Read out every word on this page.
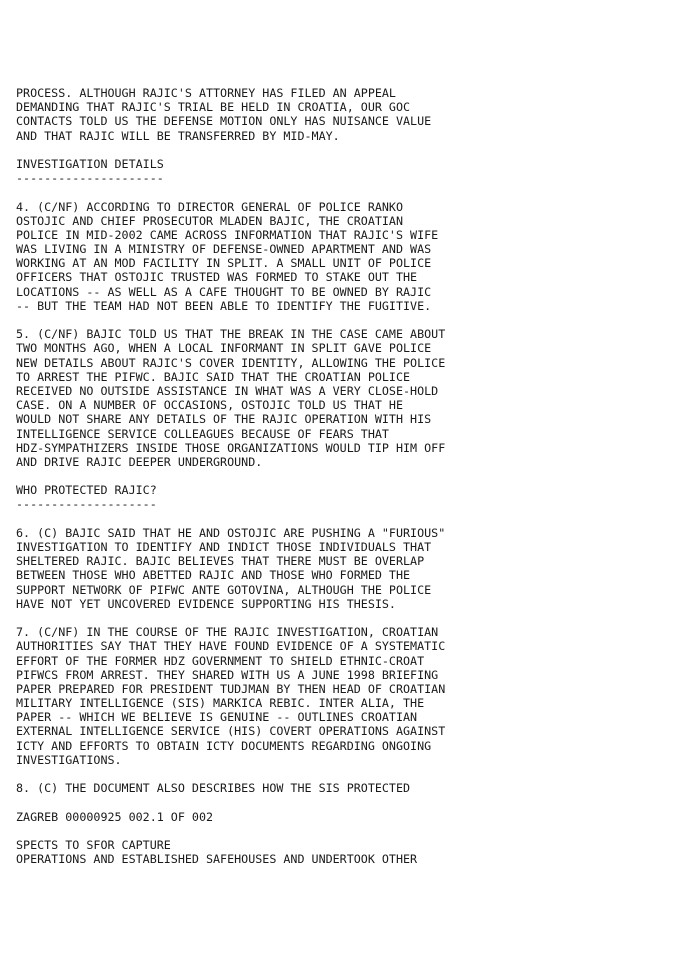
PROCESS. ALTHOUGH RAJIC'S ATTORNEY HAS FILED AN APPEAL
DEMANDING THAT RAJIC'S TRIAL BE HELD IN CROATIA, OUR GOC
CONTACTS TOLD US THE DEFENSE MOTION ONLY HAS NUISANCE VALUE
AND THAT RAJIC WILL BE TRANSFERRED BY MID-MAY.
INVESTIGATION DETAILS
---------------------
4. (C/NF) ACCORDING TO DIRECTOR GENERAL OF POLICE RANKO
OSTOJIC AND CHIEF PROSECUTOR MLADEN BAJIC, THE CROATIAN
POLICE IN MID-2002 CAME ACROSS INFORMATION THAT RAJIC'S WIFE
WAS LIVING IN A MINISTRY OF DEFENSE-OWNED APARTMENT AND WAS
WORKING AT AN MOD FACILITY IN SPLIT. A SMALL UNIT OF POLICE
OFFICERS THAT OSTOJIC TRUSTED WAS FORMED TO STAKE OUT THE
LOCATIONS -- AS WELL AS A CAFE THOUGHT TO BE OWNED BY RAJIC
-- BUT THE TEAM HAD NOT BEEN ABLE TO IDENTIFY THE FUGITIVE.
5. (C/NF) BAJIC TOLD US THAT THE BREAK IN THE CASE CAME ABOUT
TWO MONTHS AGO, WHEN A LOCAL INFORMANT IN SPLIT GAVE POLICE
NEW DETAILS ABOUT RAJIC'S COVER IDENTITY, ALLOWING THE POLICE
TO ARREST THE PIFWC. BAJIC SAID THAT THE CROATIAN POLICE
RECEIVED NO OUTSIDE ASSISTANCE IN WHAT WAS A VERY CLOSE-HOLD
CASE. ON A NUMBER OF OCCASIONS, OSTOJIC TOLD US THAT HE
WOULD NOT SHARE ANY DETAILS OF THE RAJIC OPERATION WITH HIS
INTELLIGENCE SERVICE COLLEAGUES BECAUSE OF FEARS THAT
HDZ-SYMPATHIZERS INSIDE THOSE ORGANIZATIONS WOULD TIP HIM OFF
AND DRIVE RAJIC DEEPER UNDERGROUND.
WHO PROTECTED RAJIC?
--------------------
6. (C) BAJIC SAID THAT HE AND OSTOJIC ARE PUSHING A "FURIOUS"
INVESTIGATION TO IDENTIFY AND INDICT THOSE INDIVIDUALS THAT
SHELTERED RAJIC. BAJIC BELIEVES THAT THERE MUST BE OVERLAP
BETWEEN THOSE WHO ABETTED RAJIC AND THOSE WHO FORMED THE
SUPPORT NETWORK OF PIFWC ANTE GOTOVINA, ALTHOUGH THE POLICE
HAVE NOT YET UNCOVERED EVIDENCE SUPPORTING HIS THESIS.
7. (C/NF) IN THE COURSE OF THE RAJIC INVESTIGATION, CROATIAN
AUTHORITIES SAY THAT THEY HAVE FOUND EVIDENCE OF A SYSTEMATIC
EFFORT OF THE FORMER HDZ GOVERNMENT TO SHIELD ETHNIC-CROAT
PIFWCS FROM ARREST. THEY SHARED WITH US A JUNE 1998 BRIEFING
PAPER PREPARED FOR PRESIDENT TUDJMAN BY THEN HEAD OF CROATIAN
MILITARY INTELLIGENCE (SIS) MARKICA REBIC. INTER ALIA, THE
PAPER -- WHICH WE BELIEVE IS GENUINE -- OUTLINES CROATIAN
EXTERNAL INTELLIGENCE SERVICE (HIS) COVERT OPERATIONS AGAINST
ICTY AND EFFORTS TO OBTAIN ICTY DOCUMENTS REGARDING ONGOING
INVESTIGATIONS.
8. (C) THE DOCUMENT ALSO DESCRIBES HOW THE SIS PROTECTED
ZAGREB 00000925 002.1 OF 002
SPECTS TO SFOR CAPTURE
OPERATIONS AND ESTABLISHED SAFEHOUSES AND UNDERTOOK OTHER
